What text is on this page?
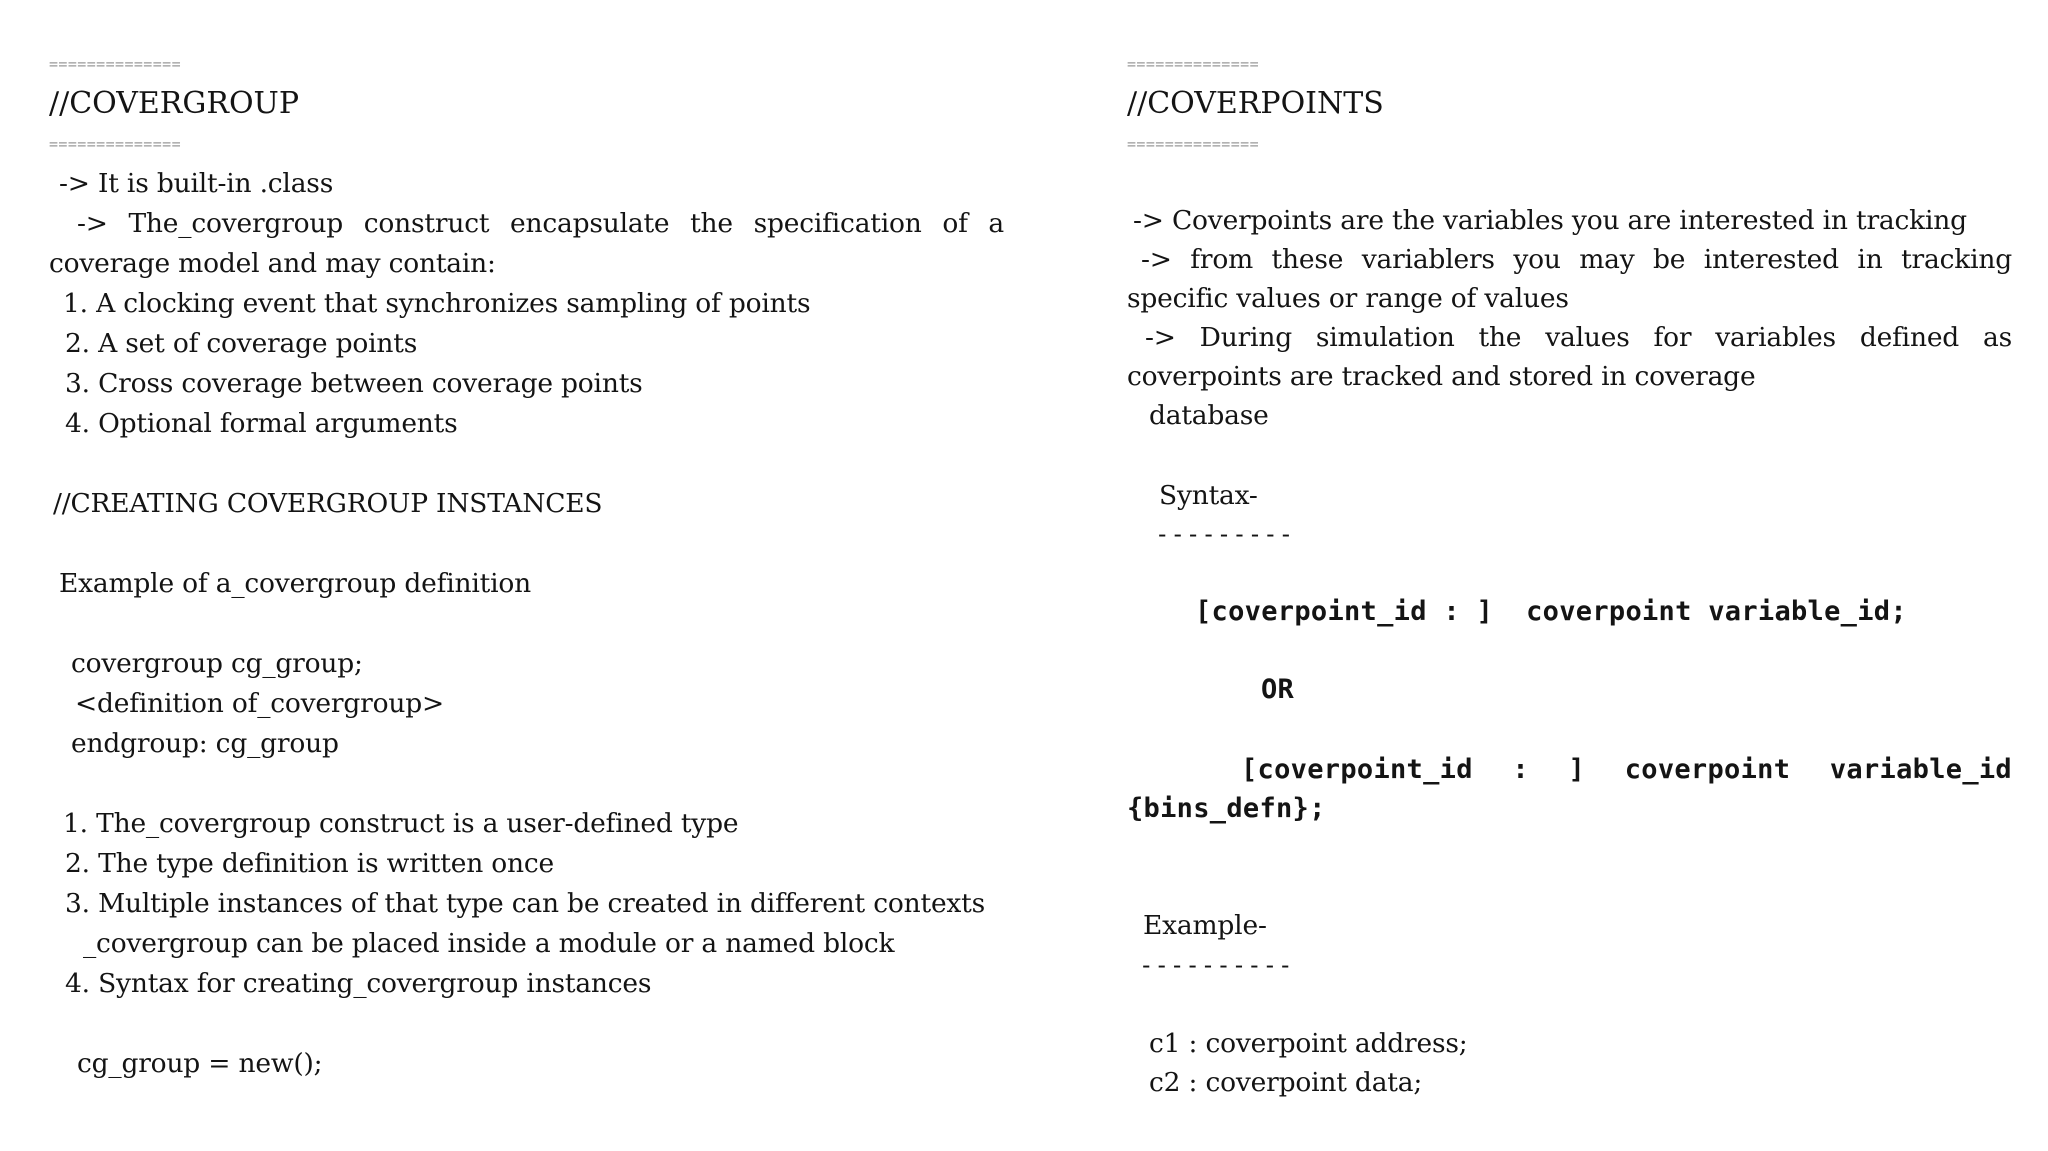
==============
//COVERGROUP
==============
-> It is built-in .class
-> The_covergroup construct encapsulate the specification of a
coverage model and may contain:
1. A clocking event that synchronizes sampling of points
2. A set of coverage points
3. Cross coverage between coverage points
4. Optional formal arguments
//CREATING COVERGROUP INSTANCES
Example of a_covergroup definition
covergroup cg_group;
<definition of_covergroup>
endgroup: cg_group
1. The_covergroup construct is a user-defined type
2. The type definition is written once
3. Multiple instances of that type can be created in different contexts
_covergroup can be placed inside a module or a named block
4. Syntax for creating_covergroup instances
cg_group = new();
==============
//COVERPOINTS
==============
-> Coverpoints are the variables you are interested in tracking
-> from these variablers you may be interested in tracking
specific values or range of values
-> During simulation the values for variables defined as
coverpoints are tracked and stored in coverage
database
Syntax-
---------
[coverpoint_id : ]  coverpoint variable_id;
OR
[coverpoint_id : ] coverpoint variable_id
{bins_defn};
Example-
----------
c1 : coverpoint address;
c2 : coverpoint data;
